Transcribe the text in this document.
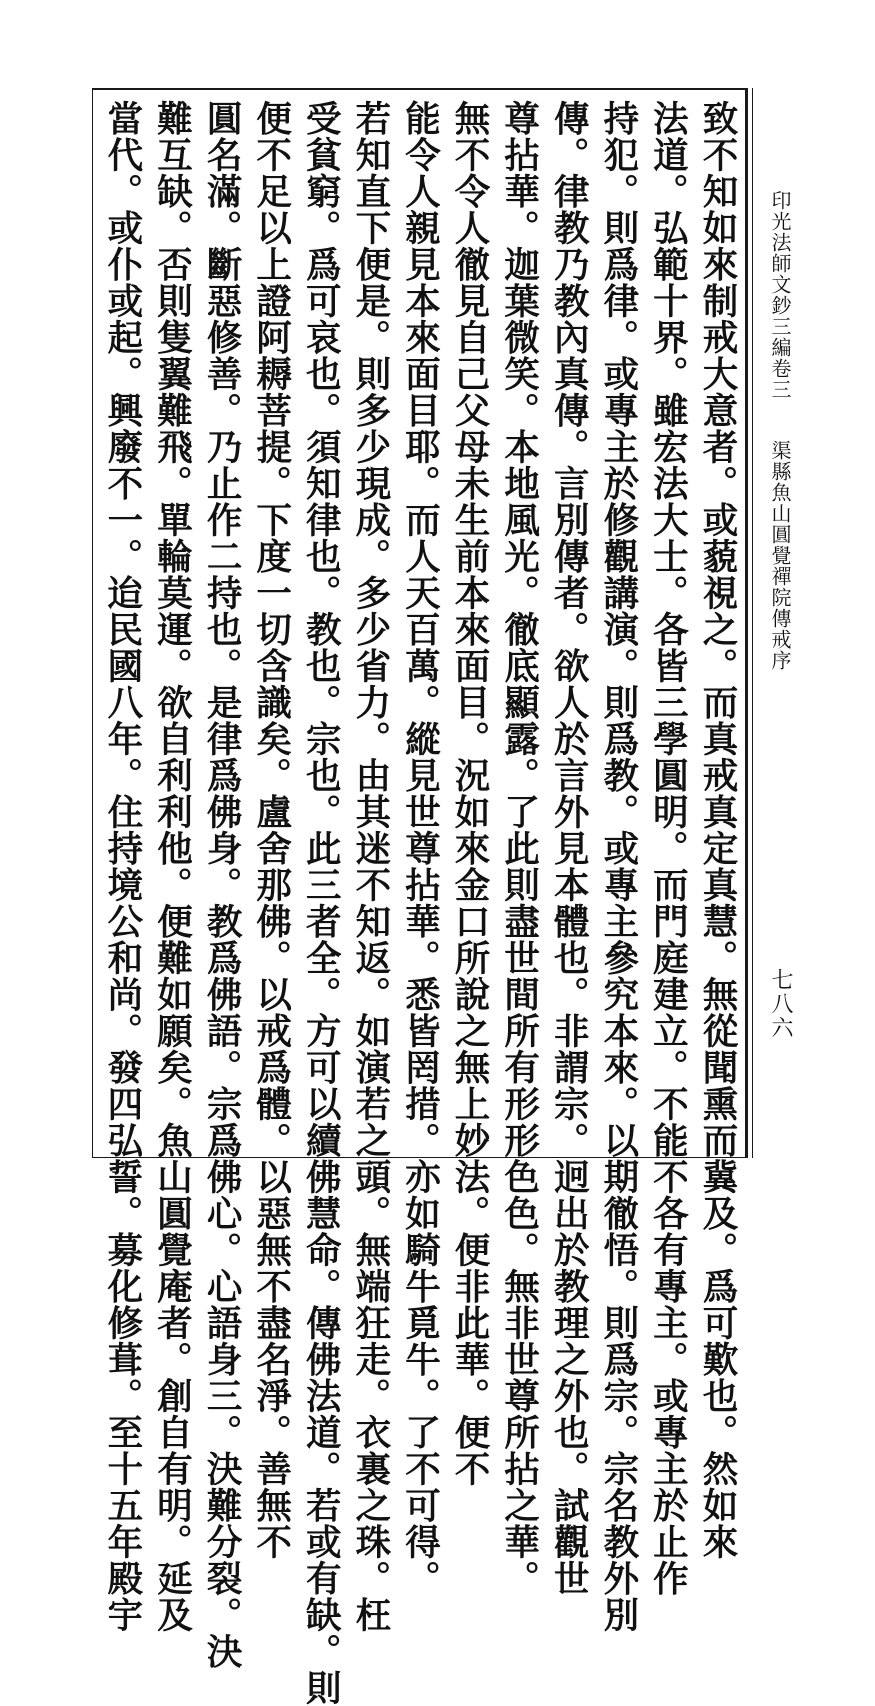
印光法師文鈔三編卷三渠縣魚山圓覺禪院傳戒序
七八六
致不知如來制戒大意者。或藐視之。而真戒真定真慧。無從聞熏而冀及。爲可歎也。然如來
法道。弘範十界。雖宏法大士。各皆三學圓明。而門庭建立。不能不各有專主。或專主於止作
持犯。則爲律。或專主於修觀講演。則爲教。或專主參究本來。以期徹悟。則爲宗。宗名教外別
傳。律教乃教內真傳。言別傳者。欲人於言外見本體也。非謂宗。迥出於教理之外也。試觀世
尊拈華。迦葉微笑。本地風光。徹底顯露。了此則盡世間所有形形色色。無非世尊所拈之華。
無不令人徹見自己父母未生前本來面目。況如來金口所說之無上妙法。便非此華。便不
能令人親見本來面目耶。而人天百萬。縱見世尊拈華。悉皆罔措。亦如騎牛覓牛。了不可得。
若知直下便是。則多少現成。多少省力。由其迷不知返。如演若之頭。無端狂走。衣裏之珠。枉
受貧窮。爲可哀也。須知律也。教也。宗也。此三者全。方可以續佛慧命。傳佛法道。若或有缺。則
便不足以上證阿耨菩提。下度一切含識矣。盧舍那佛。以戒爲體。以惡無不盡名淨。善無不
圓名滿。斷惡修善。乃止作二持也。是律爲佛身。教爲佛語。宗爲佛心。心語身三。決難分裂。決
難互缺。否則隻翼難飛。單輪莫運。欲自利利他。便難如願矣。魚山圓覺庵者。創自有明。延及
當代。或仆或起。興廢不一。迨民國八年。住持境公和尚。發四弘誓。募化修葺。至十五年殿宇
